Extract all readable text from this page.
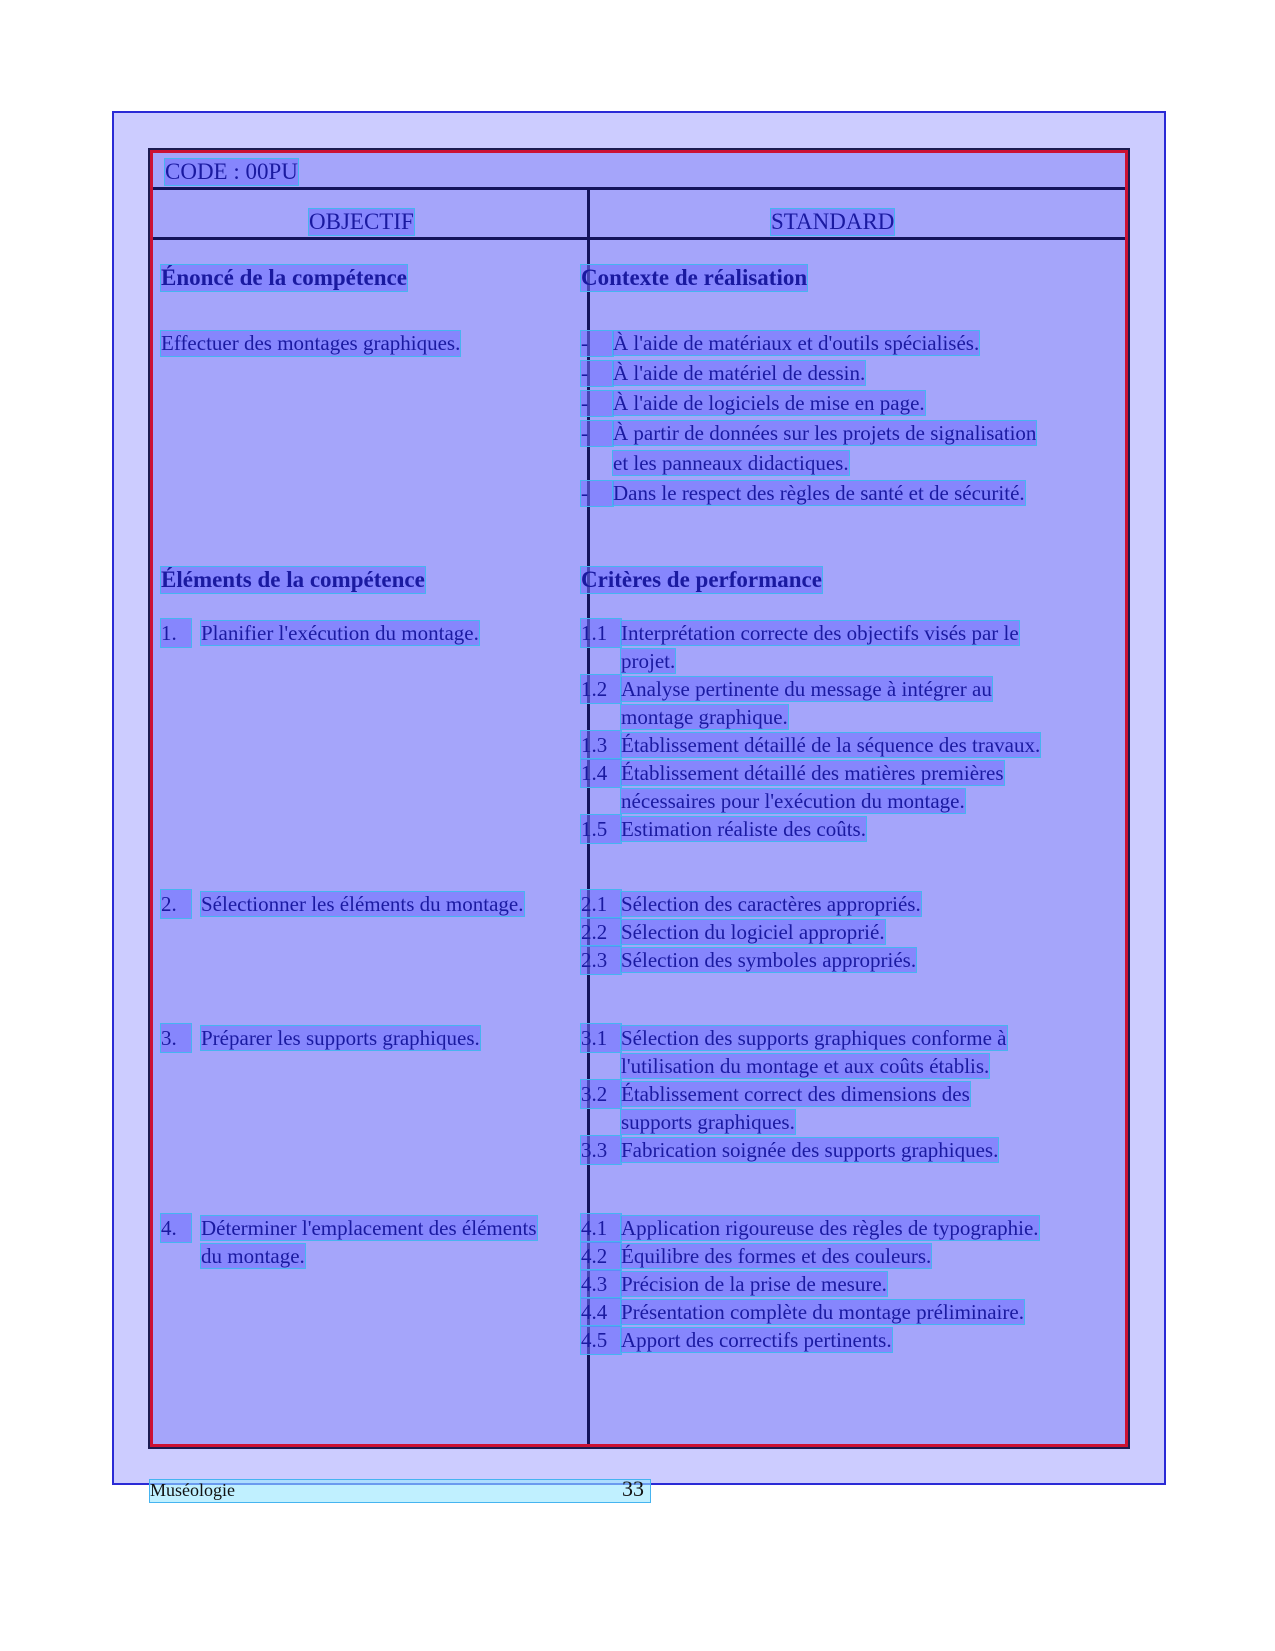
CODE : 00PU
OBJECTIF	STANDARD
Énoncé de la compétence
Effectuer des montages graphiques.
Éléments de la compétence
Contexte de réalisation
- À l'aide de matériaux et d'outils spécialisés.
- À l'aide de matériel de dessin.
- À l'aide de logiciels de mise en page.
- À partir de données sur les projets de signalisation
et les panneaux didactiques.
- Dans le respect des règles de santé et de sécurité.
Critères de performance
1. Planifier l'exécution du montage.
2. Sélectionner les éléments du montage.
3. Préparer les supports graphiques.
4. Déterminer l'emplacement des éléments
du montage.
1.1 Interprétation correcte des objectifs visés par le
projet.
1.2 Analyse pertinente du message à intégrer au
montage graphique.
1.3 Établissement détaillé de la séquence des travaux.
1.4 Établissement détaillé des matières premières
nécessaires pour l'exécution du montage.
1.5 Estimation réaliste des coûts.
2.1 Sélection des caractères appropriés.
2.2 Sélection du logiciel approprié.
2.3 Sélection des symboles appropriés.
3.1 Sélection des supports graphiques conforme à
l'utilisation du montage et aux coûts établis.
3.2 Établissement correct des dimensions des
supports graphiques.
3.3 Fabrication soignée des supports graphiques.
4.1 Application rigoureuse des règles de typographie.
4.2 Équilibre des formes et des couleurs.
4.3 Précision de la prise de mesure.
4.4 Présentation complète du montage préliminaire.
4.5 Apport des correctifs pertinents.
Muséologie	33
